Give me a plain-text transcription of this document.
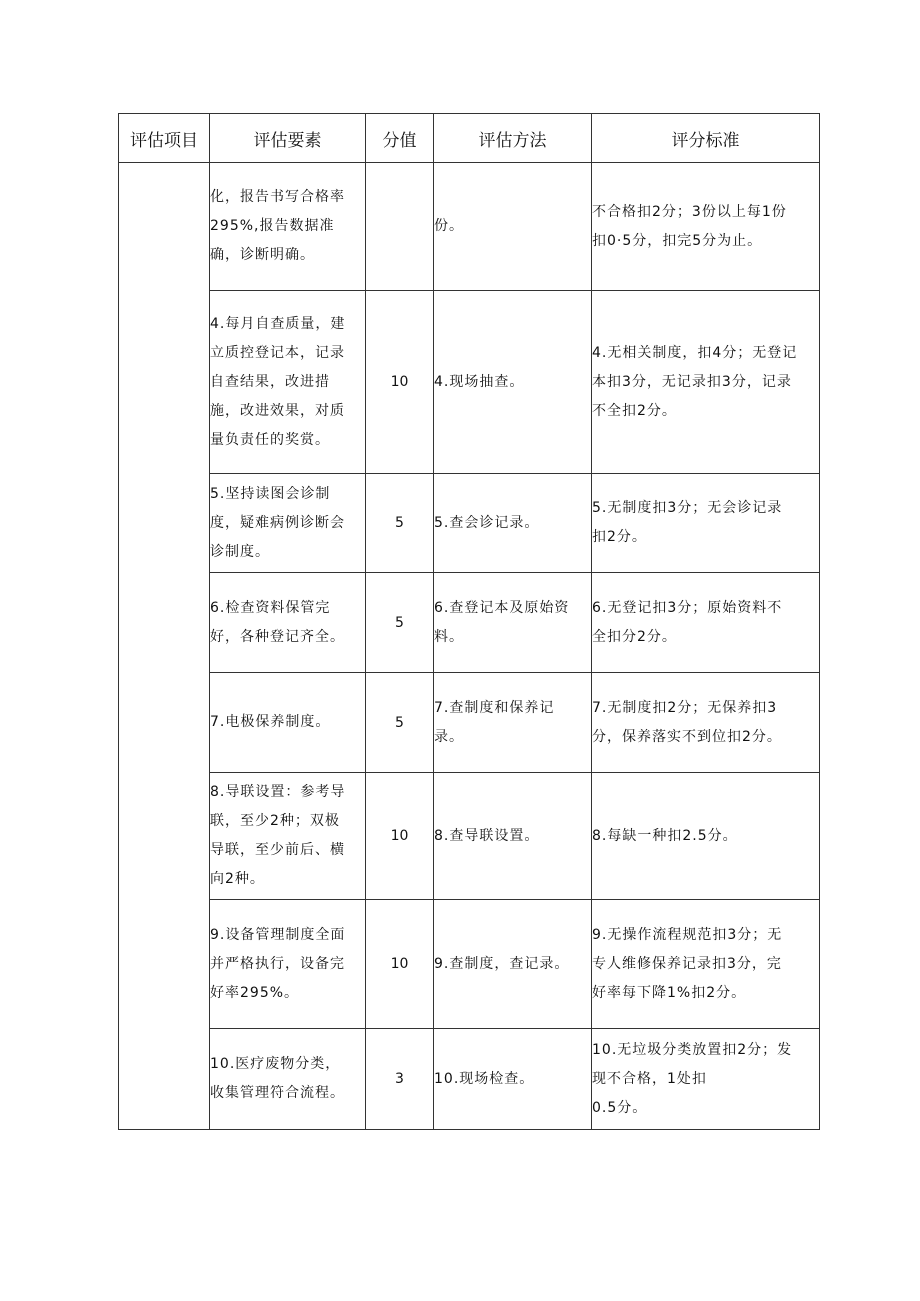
评估项目	评估要素	分值	评估方法	评分标准

	化，报告书写合格率
295%,报告数据准
确，诊断明确。		份。	不合格扣2分；3份以上每1份
扣0·5分，扣完5分为止。

	4.每月自查质量，建
立质控登记本，记录
自查结果，改进措
施，改进效果，对质
量负责任的奖赏。	10	4.现场抽查。	4.无相关制度，扣4分；无登记
本扣3分，无记录扣3分，记录
不全扣2分。

	5.坚持读图会诊制
度，疑难病例诊断会
诊制度。	5	5.查会诊记录。	5.无制度扣3分；无会诊记录
扣2分。

	6.检查资料保管完
好，各种登记齐全。	5	6.查登记本及原始资
料。	6.无登记扣3分；原始资料不
全扣分2分。

	7.电极保养制度。	5	7.查制度和保养记
录。	7.无制度扣2分；无保养扣3
分，保养落实不到位扣2分。

	8.导联设置：参考导
联，至少2种；双极
导联，至少前后、横
向2种。	10	8.查导联设置。	8.每缺一种扣2.5分。

	9.设备管理制度全面
并严格执行，设备完
好率295%。	10	9.查制度，查记录。	9.无操作流程规范扣3分；无
专人维修保养记录扣3分，完
好率每下降1%扣2分。

	10.医疗废物分类，
收集管理符合流程。	3	10.现场检查。	10.无垃圾分类放置扣2分；发
现不合格，1处扣
0.5分。
